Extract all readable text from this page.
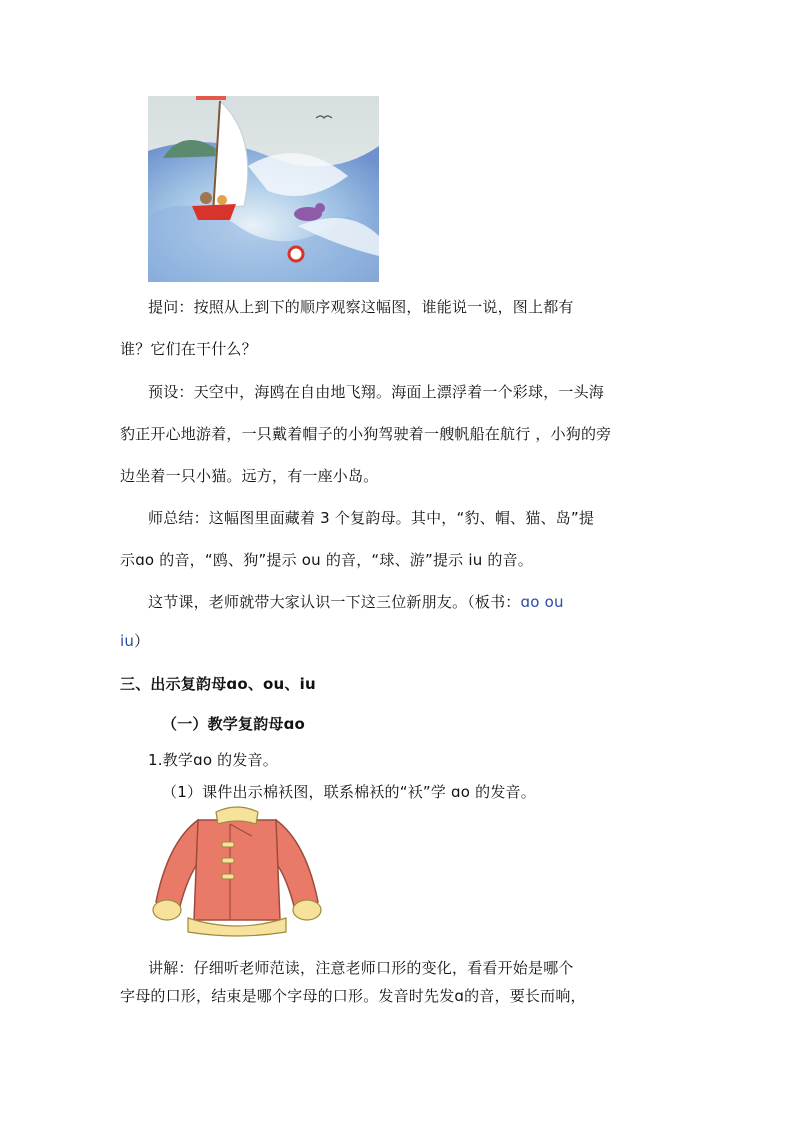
提问：按照从上到下的顺序观察这幅图，谁能说一说，图上都有
谁？它们在干什么？
预设：天空中，海鸥在自由地飞翔。海面上漂浮着一个彩球，一头海
豹正开心地游着，一只戴着帽子的小狗驾驶着一艘帆船在航行 ，小狗的旁
边坐着一只小猫。远方，有一座小岛。
师总结：这幅图里面藏着 3 个复韵母。其中，“豹、帽、猫、岛”提
示ɑo 的音，“鸥、狗”提示 ou 的音，“球、游”提示 iu 的音。
这节课，老师就带大家认识一下这三位新朋友。（板书：ɑo ou
iu）
三、出示复韵母ɑo、ou、iu
（一）教学复韵母ɑo
1.教学ɑo 的发音。
（1）课件出示棉袄图，联系棉袄的“袄”学 ɑo 的发音。
讲解：仔细听老师范读，注意老师口形的变化，看看开始是哪个
字母的口形，结束是哪个字母的口形。发音时先发ɑ的音，要长而响，
